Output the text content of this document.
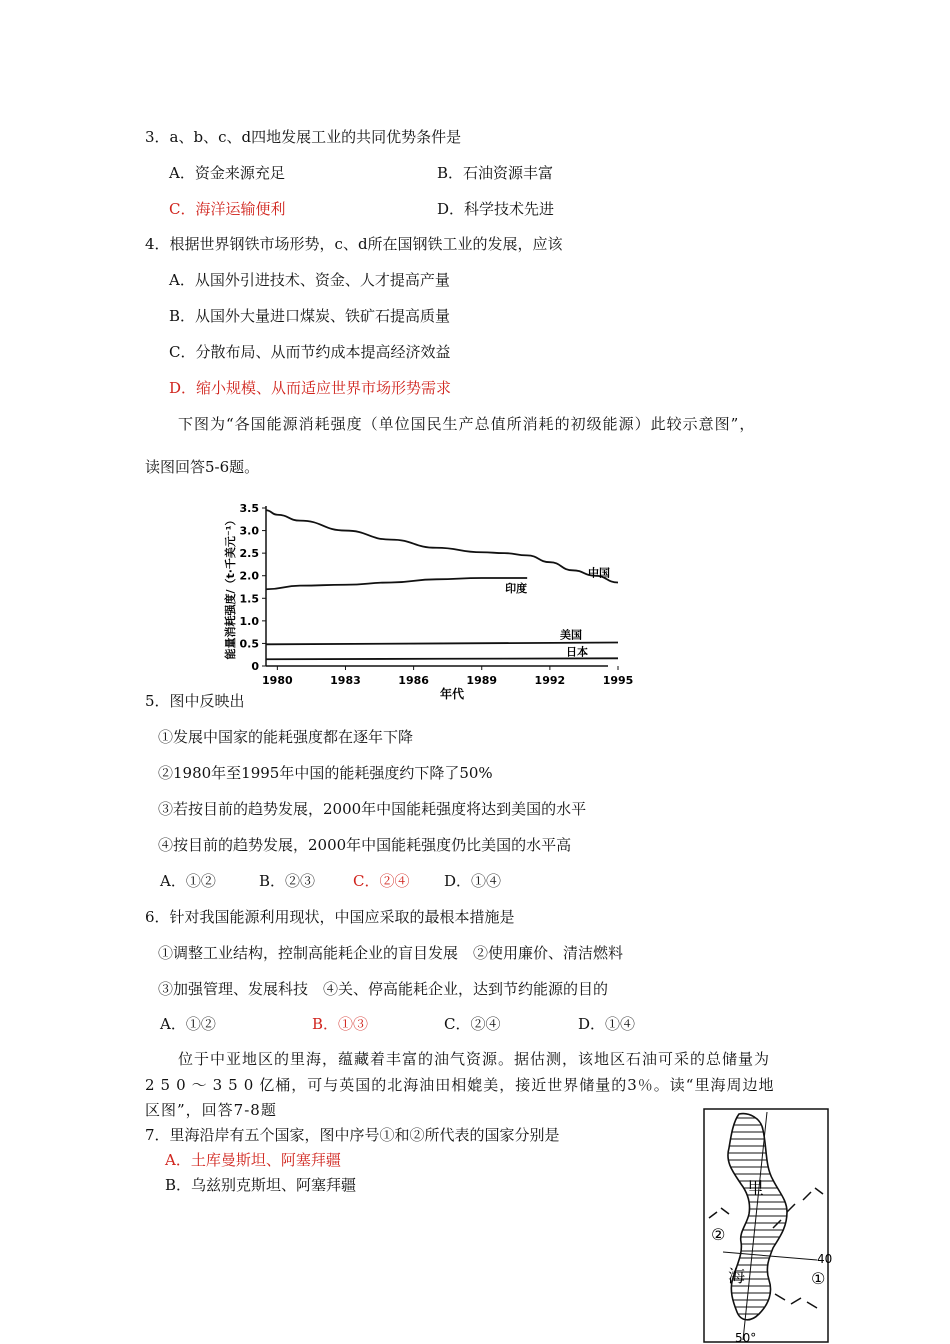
3．a、b、c、d四地发展工业的共同优势条件是
A．资金来源充足	B．石油资源丰富
C．海洋运输便利	D．科学技术先进
4．根据世界钢铁市场形势，c、d所在国钢铁工业的发展，应该
A．从国外引进技术、资金、人才提高产量
B．从国外大量进口煤炭、铁矿石提高质量
C．分散布局、从而节约成本提高经济效益
D．缩小规模、从而适应世界市场形势需求
下图为“各国能源消耗强度（单位国民生产总值所消耗的初级能源）此较示意图”，
读图回答5-6题。
0
0.5
1.0
1.5
2.0
2.5
3.0
3.5
1980	1983	1986	1989	1992	1995
能量消耗强度/（t·千美元⁻¹）
年代
中国
印度
美国
日本
5．图中反映出
①发展中国家的能耗强度都在逐年下降
②1980年至1995年中国的能耗强度约下降了50%
③若按目前的趋势发展，2000年中国能耗强度将达到美国的水平
④按目前的趋势发展，2000年中国能耗强度仍比美国的水平高
A．①②	B．②③	C．②④ D．①④
6．针对我国能源利用现状，中国应采取的最根本措施是
①调整工业结构，控制高能耗企业的盲目发展　②使用廉价、清洁燃料
③加强管理、发展科技　④关、停高能耗企业，达到节约能源的目的
A．①②	B．①③	C．②④	D．①④
位于中亚地区的里海，蕴藏着丰富的油气资源。据估测，该地区石油可采的总储量为
250～350亿桶，可与英国的北海油田相媲美，接近世界储量的3％。读“里海周边地
区图”，回答7-8题
7．里海沿岸有五个国家，图中序号①和②所代表的国家分别是
A．土库曼斯坦、阿塞拜疆
B．乌兹别克斯坦、阿塞拜疆	里
海
②
①
40
50°
